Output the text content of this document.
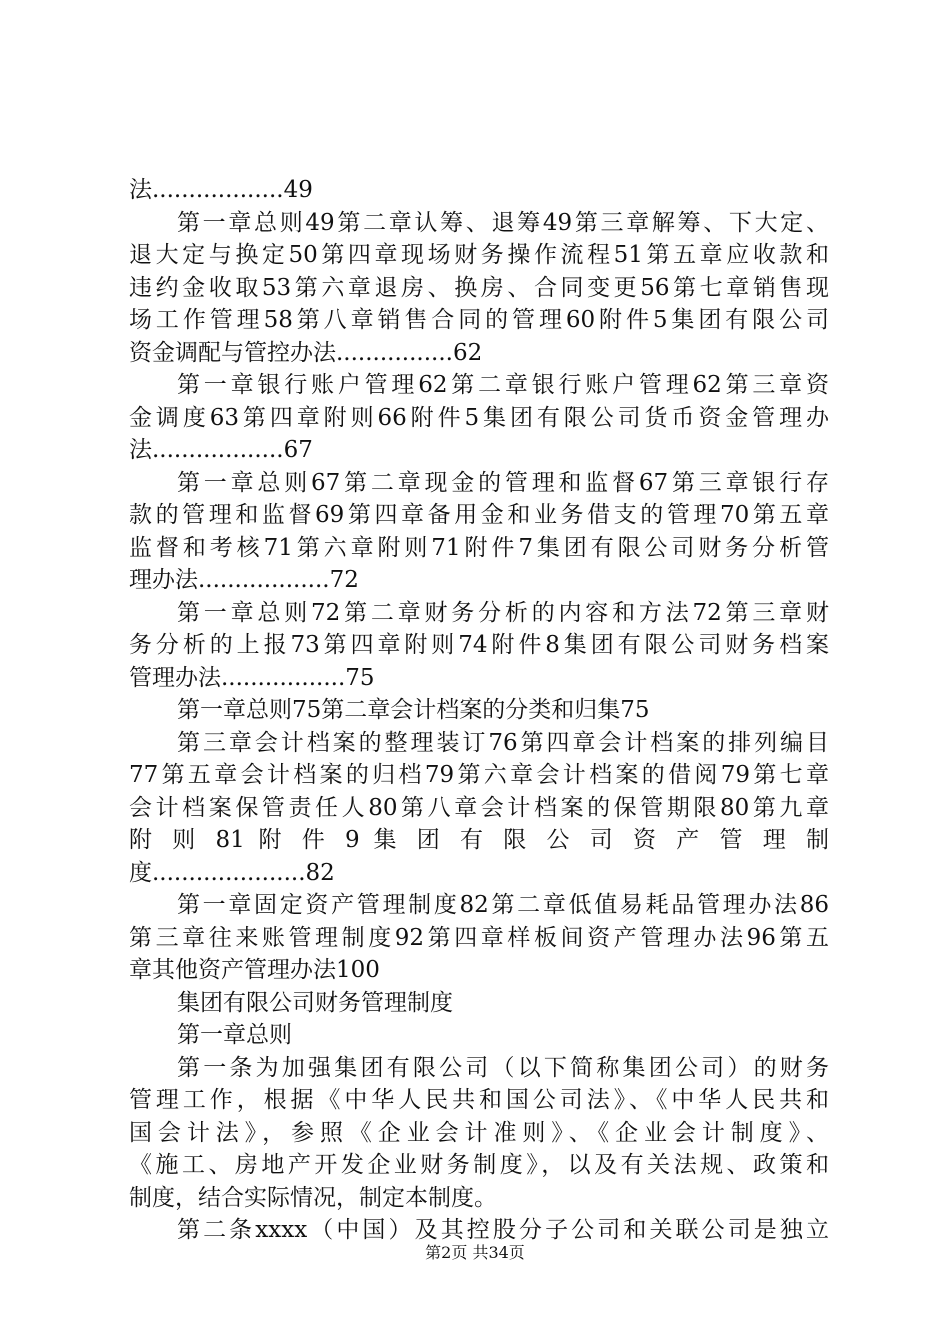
法..................49
第一章总则49第二章认筹、退筹49第三章解筹、下大定、
退大定与换定50第四章现场财务操作流程51第五章应收款和
违约金收取53第六章退房、换房、合同变更56第七章销售现
场工作管理58第八章销售合同的管理60附件5集团有限公司
资金调配与管控办法................62
第一章银行账户管理62第二章银行账户管理62第三章资
金调度63第四章附则66附件5集团有限公司货币资金管理办
法..................67
第一章总则67第二章现金的管理和监督67第三章银行存
款的管理和监督69第四章备用金和业务借支的管理70第五章
监督和考核71第六章附则71附件7集团有限公司财务分析管
理办法..................72
第一章总则72第二章财务分析的内容和方法72第三章财
务分析的上报73第四章附则74附件8集团有限公司财务档案
管理办法.................75
第一章总则75第二章会计档案的分类和归集75
第三章会计档案的整理装订76第四章会计档案的排列编目
77第五章会计档案的归档79第六章会计档案的借阅79第七章
会计档案保管责任人80第八章会计档案的保管期限80第九章
附 则 81 附 件 9 集 团 有 限 公 司 资 产 管 理 制
度.....................82
第一章固定资产管理制度82第二章低值易耗品管理办法86
第三章往来账管理制度92第四章样板间资产管理办法96第五
章其他资产管理办法100
集团有限公司财务管理制度
第一章总则
第一条为加强集团有限公司（以下简称集团公司）的财务
管理工作，根据《中华人民共和国公司法》、《中华人民共和
国会计法》，参照《企业会计准则》、《企业会计制度》、
《施工、房地产开发企业财务制度》，以及有关法规、政策和
制度，结合实际情况，制定本制度。
第二条xxxx（中国）及其控股分子公司和关联公司是独立
第2页 共34页
